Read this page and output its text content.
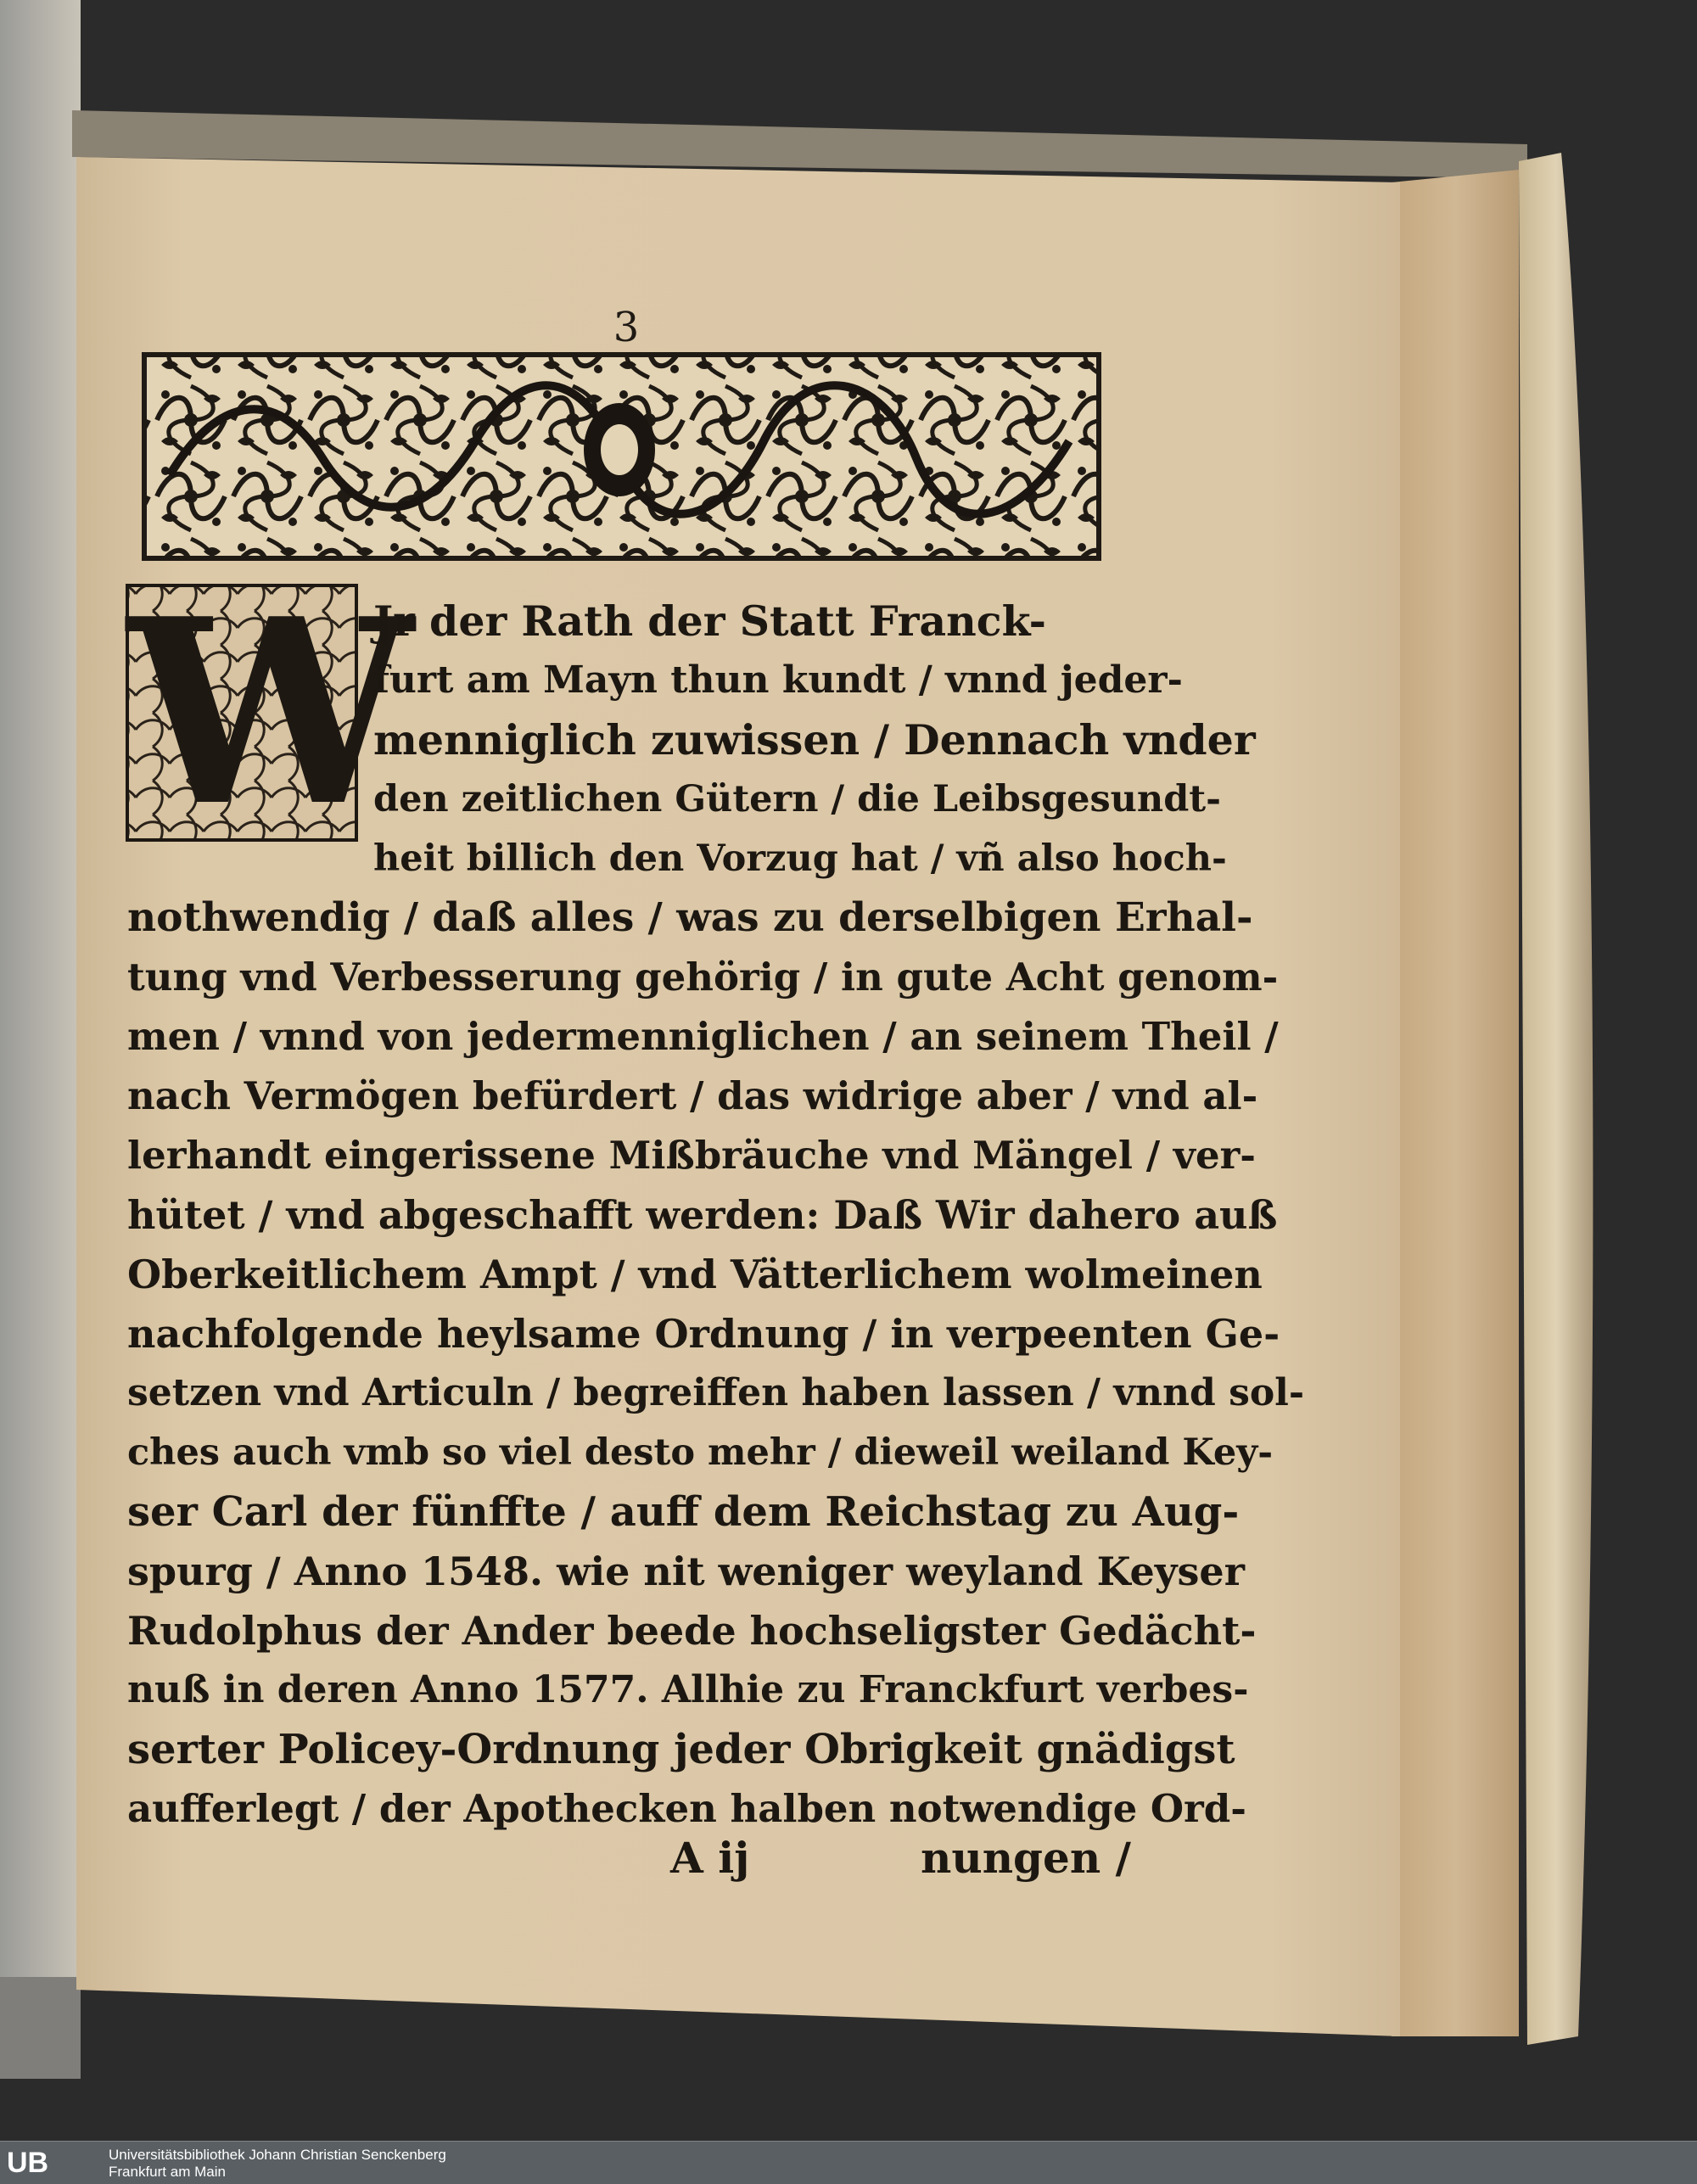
3
W
Jr der Rath der Statt Franck-
furt am Mayn thun kundt / vnnd jeder-
menniglich zuwissen / Dennach vnder
den zeitlichen Gütern / die Leibsgesundt-
heit billich den Vorzug hat / vñ also hoch-
nothwendig / daß alles / was zu derselbigen Erhal-
tung vnd Verbesserung gehörig / in gute Acht genom-
men / vnnd von jedermenniglichen / an seinem Theil /
nach Vermögen befürdert / das widrige aber / vnd al-
lerhandt eingerissene Mißbräuche vnd Mängel / ver-
hütet / vnd abgeschafft werden: Daß Wir dahero auß
Oberkeitlichem Ampt / vnd Vätterlichem wolmeinen
nachfolgende heylsame Ordnung / in verpeenten Ge-
setzen vnd Articuln / begreiffen haben lassen / vnnd sol-
ches auch vmb so viel desto mehr / dieweil weiland Key-
ser Carl der fünffte / auff dem Reichstag zu Aug-
spurg / Anno 1548. wie nit weniger weyland Keyser
Rudolphus der Ander beede hochseligster Gedächt-
nuß in deren Anno 1577. Allhie zu Franckfurt verbes-
serter Policey-Ordnung jeder Obrigkeit gnädigst
aufferlegt / der Apothecken halben notwendige Ord-
A ij	nungen /
UB	Universitätsbibliothek Johann Christian Senckenberg
Frankfurt am Main
